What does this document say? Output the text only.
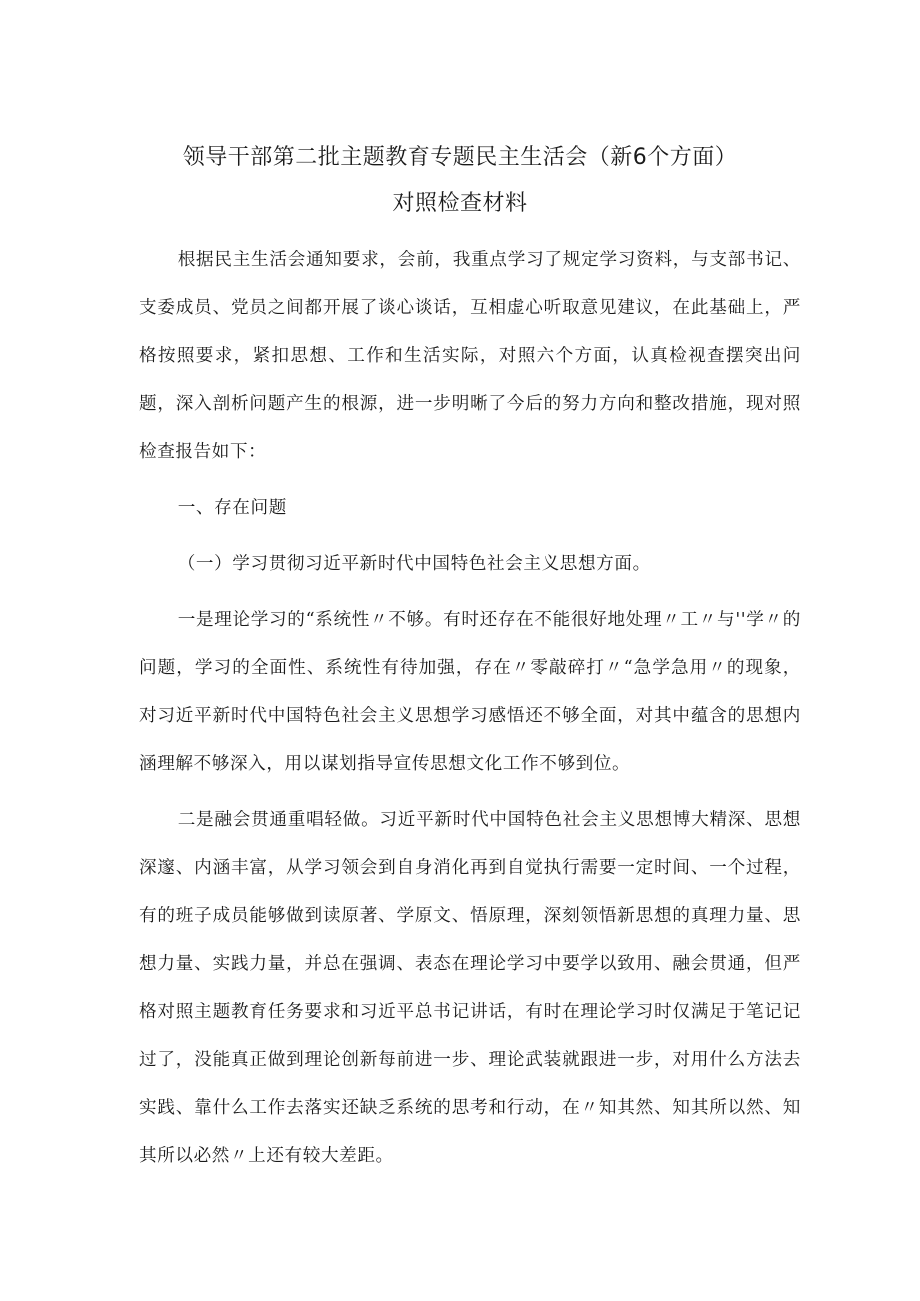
领导干部第二批主题教育专题民主生活会（新6个方面）
对照检查材料

根据民主生活会通知要求，会前，我重点学习了规定学习资料，与支部书记、支委成员、党员之间都开展了谈心谈话，互相虚心听取意见建议，在此基础上，严格按照要求，紧扣思想、工作和生活实际，对照六个方面，认真检视查摆突出问题，深入剖析问题产生的根源，进一步明晰了今后的努力方向和整改措施，现对照检查报告如下：

一、存在问题

（一）学习贯彻习近平新时代中国特色社会主义思想方面。

一是理论学习的“系统性〃不够。有时还存在不能很好地处理〃工〃与''学〃的问题，学习的全面性、系统性有待加强，存在〃零敲碎打〃“急学急用〃的现象，对习近平新时代中国特色社会主义思想学习感悟还不够全面，对其中蕴含的思想内涵理解不够深入，用以谋划指导宣传思想文化工作不够到位。

二是融会贯通重唱轻做。习近平新时代中国特色社会主义思想博大精深、思想深邃、内涵丰富，从学习领会到自身消化再到自觉执行需要一定时间、一个过程，有的班子成员能够做到读原著、学原文、悟原理，深刻领悟新思想的真理力量、思想力量、实践力量，并总在强调、表态在理论学习中要学以致用、融会贯通，但严格对照主题教育任务要求和习近平总书记讲话，有时在理论学习时仅满足于笔记记过了，没能真正做到理论创新每前进一步、理论武装就跟进一步，对用什么方法去实践、靠什么工作去落实还缺乏系统的思考和行动，在〃知其然、知其所以然、知其所以必然〃上还有较大差距。
